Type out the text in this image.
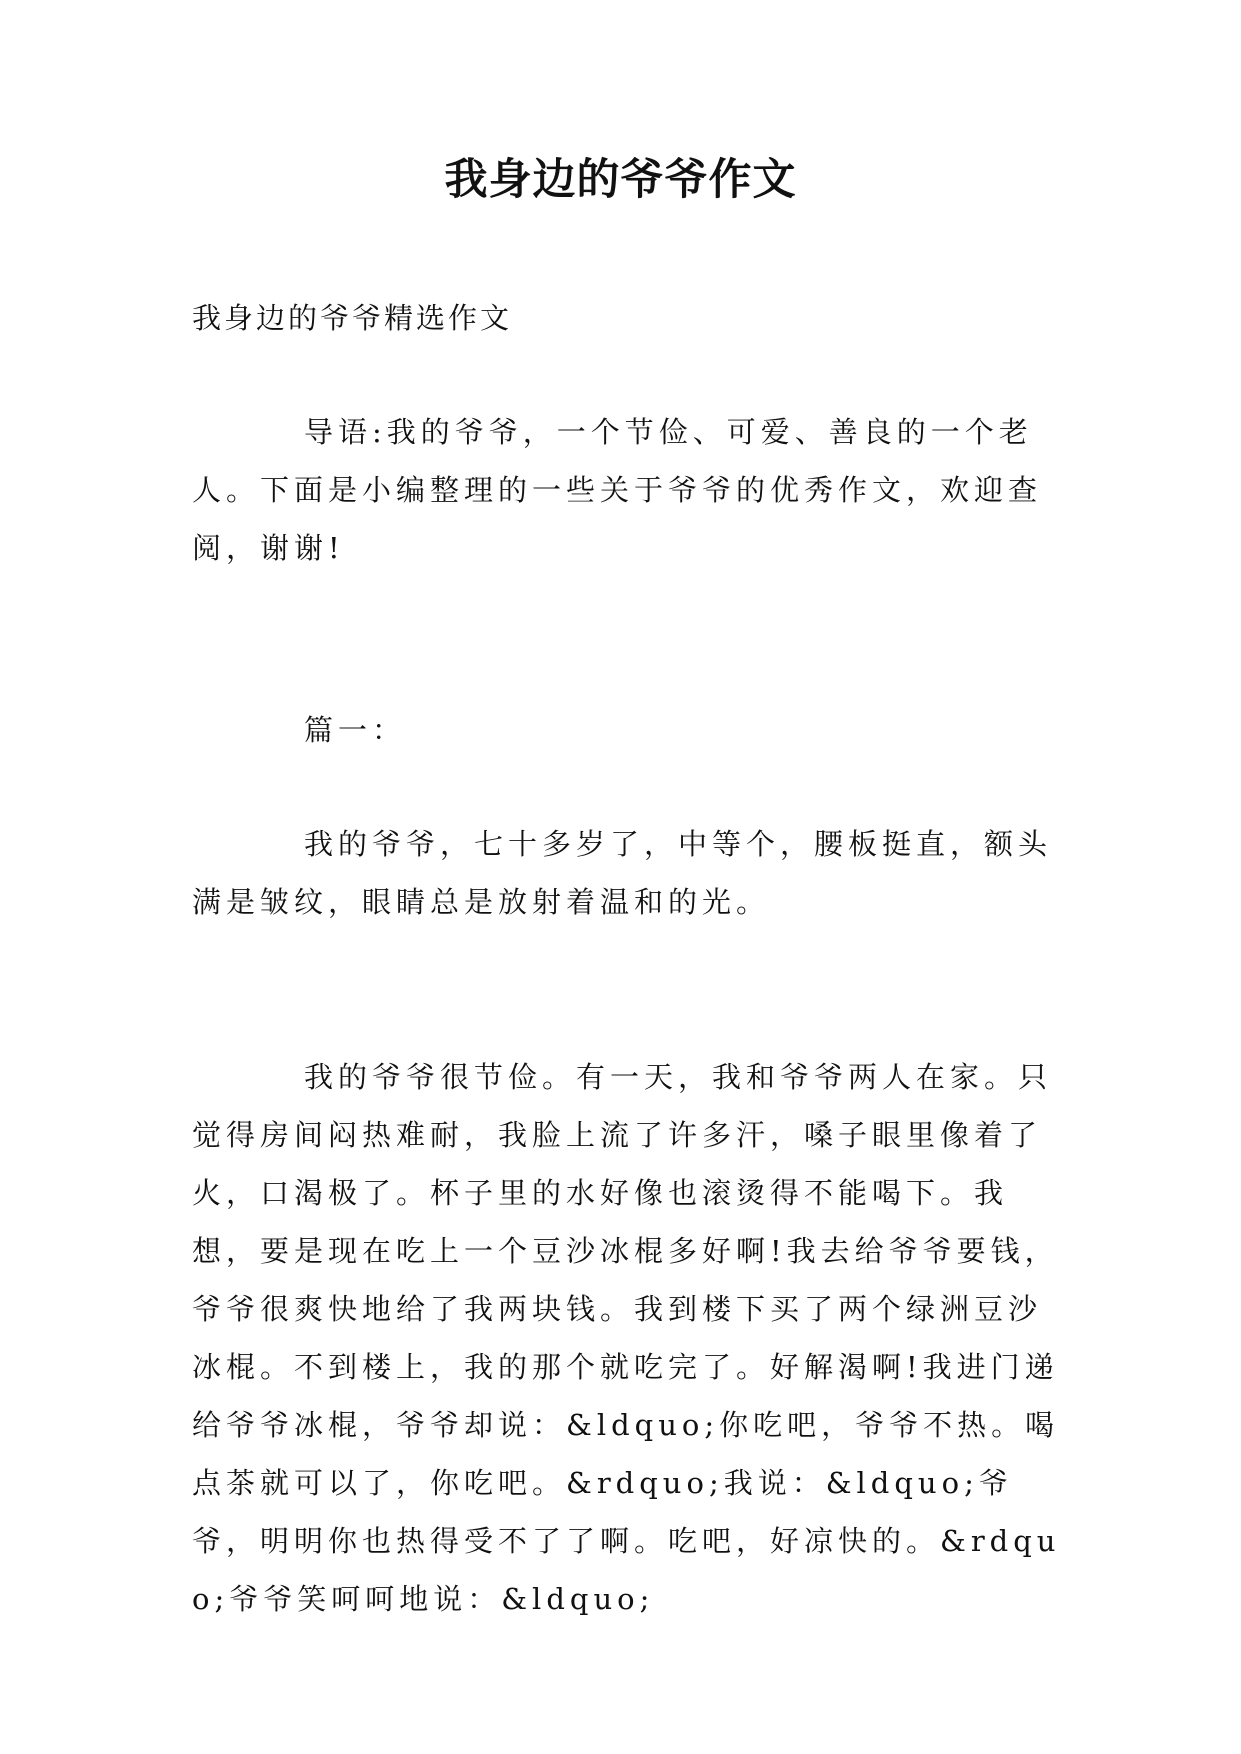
我身边的爷爷作文

我身边的爷爷精选作文

导语:我的爷爷，一个节俭、可爱、善良的一个老人。下面是小编整理的一些关于爷爷的优秀作文，欢迎查阅，谢谢!

篇一：

我的爷爷，七十多岁了，中等个，腰板挺直，额头满是皱纹，眼睛总是放射着温和的光。

我的爷爷很节俭。有一天，我和爷爷两人在家。只觉得房间闷热难耐，我脸上流了许多汗，嗓子眼里像着了火，口渴极了。杯子里的水好像也滚烫得不能喝下。我想，要是现在吃上一个豆沙冰棍多好啊!我去给爷爷要钱，爷爷很爽快地给了我两块钱。我到楼下买了两个绿洲豆沙冰棍。不到楼上，我的那个就吃完了。好解渴啊!我进门递给爷爷冰棍，爷爷却说：&ldquo;你吃吧，爷爷不热。喝点茶就可以了，你吃吧。&rdquo;我说：&ldquo;爷爷，明明你也热得受不了了啊。吃吧，好凉快的。&rdquo;爷爷笑呵呵地说：&ldquo;
